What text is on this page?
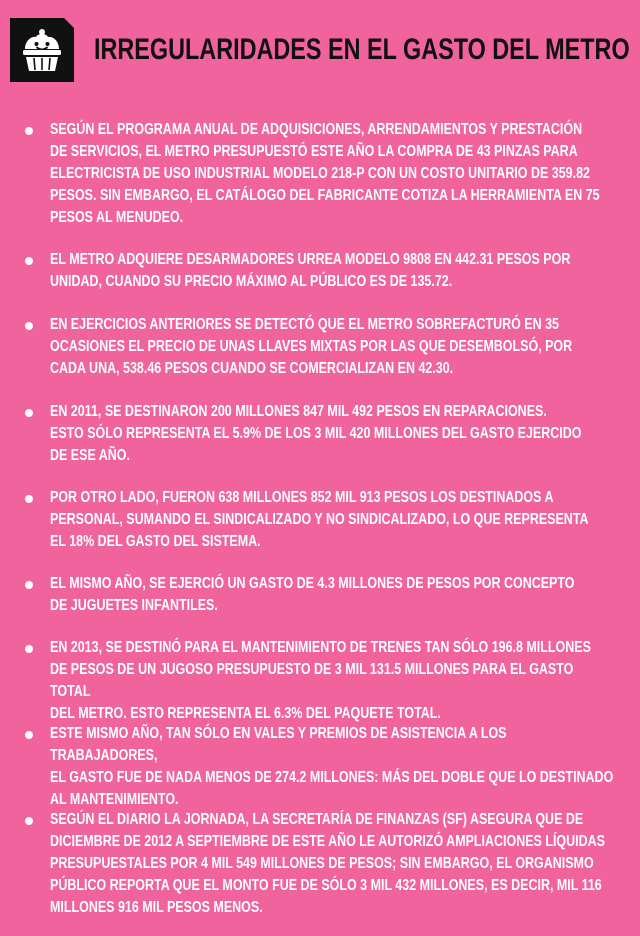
IRREGULARIDADES EN EL GASTO DEL METRO

SEGÚN EL PROGRAMA ANUAL DE ADQUISICIONES, ARRENDAMIENTOS Y PRESTACIÓN
DE SERVICIOS, EL METRO PRESUPUESTÓ ESTE AÑO LA COMPRA DE 43 PINZAS PARA
ELECTRICISTA DE USO INDUSTRIAL MODELO 218-P CON UN COSTO UNITARIO DE 359.82
PESOS. SIN EMBARGO, EL CATÁLOGO DEL FABRICANTE COTIZA LA HERRAMIENTA EN 75
PESOS AL MENUDEO.

EL METRO ADQUIERE DESARMADORES URREA MODELO 9808 EN 442.31 PESOS POR
UNIDAD, CUANDO SU PRECIO MÁXIMO AL PÚBLICO ES DE 135.72.

EN EJERCICIOS ANTERIORES SE DETECTÓ QUE EL METRO SOBREFACTURÓ EN 35
OCASIONES EL PRECIO DE UNAS LLAVES MIXTAS POR LAS QUE DESEMBOLSÓ, POR
CADA UNA, 538.46 PESOS CUANDO SE COMERCIALIZAN EN 42.30.

EN 2011, SE DESTINARON 200 MILLONES 847 MIL 492 PESOS EN REPARACIONES.
ESTO SÓLO REPRESENTA EL 5.9% DE LOS 3 MIL 420 MILLONES DEL GASTO EJERCIDO
DE ESE AÑO.

POR OTRO LADO, FUERON 638 MILLONES 852 MIL 913 PESOS LOS DESTINADOS A
PERSONAL, SUMANDO EL SINDICALIZADO Y NO SINDICALIZADO, LO QUE REPRESENTA
EL 18% DEL GASTO DEL SISTEMA.

EL MISMO AÑO, SE EJERCIÓ UN GASTO DE 4.3 MILLONES DE PESOS POR CONCEPTO
DE JUGUETES INFANTILES.

EN 2013, SE DESTINÓ PARA EL MANTENIMIENTO DE TRENES TAN SÓLO 196.8 MILLONES
DE PESOS DE UN JUGOSO PRESUPUESTO DE 3 MIL 131.5 MILLONES PARA EL GASTO TOTAL
DEL METRO. ESTO REPRESENTA EL 6.3% DEL PAQUETE TOTAL.

ESTE MISMO AÑO, TAN SÓLO EN VALES Y PREMIOS DE ASISTENCIA A LOS TRABAJADORES,
EL GASTO FUE DE NADA MENOS DE 274.2 MILLONES: MÁS DEL DOBLE QUE LO DESTINADO
AL MANTENIMIENTO.

SEGÚN EL DIARIO LA JORNADA, LA SECRETARÍA DE FINANZAS (SF) ASEGURA QUE DE
DICIEMBRE DE 2012 A SEPTIEMBRE DE ESTE AÑO LE AUTORIZÓ AMPLIACIONES LÍQUIDAS
PRESUPUESTALES POR 4 MIL 549 MILLONES DE PESOS; SIN EMBARGO, EL ORGANISMO
PÚBLICO REPORTA QUE EL MONTO FUE DE SÓLO 3 MIL 432 MILLONES, ES DECIR, MIL 116
MILLONES 916 MIL PESOS MENOS.
